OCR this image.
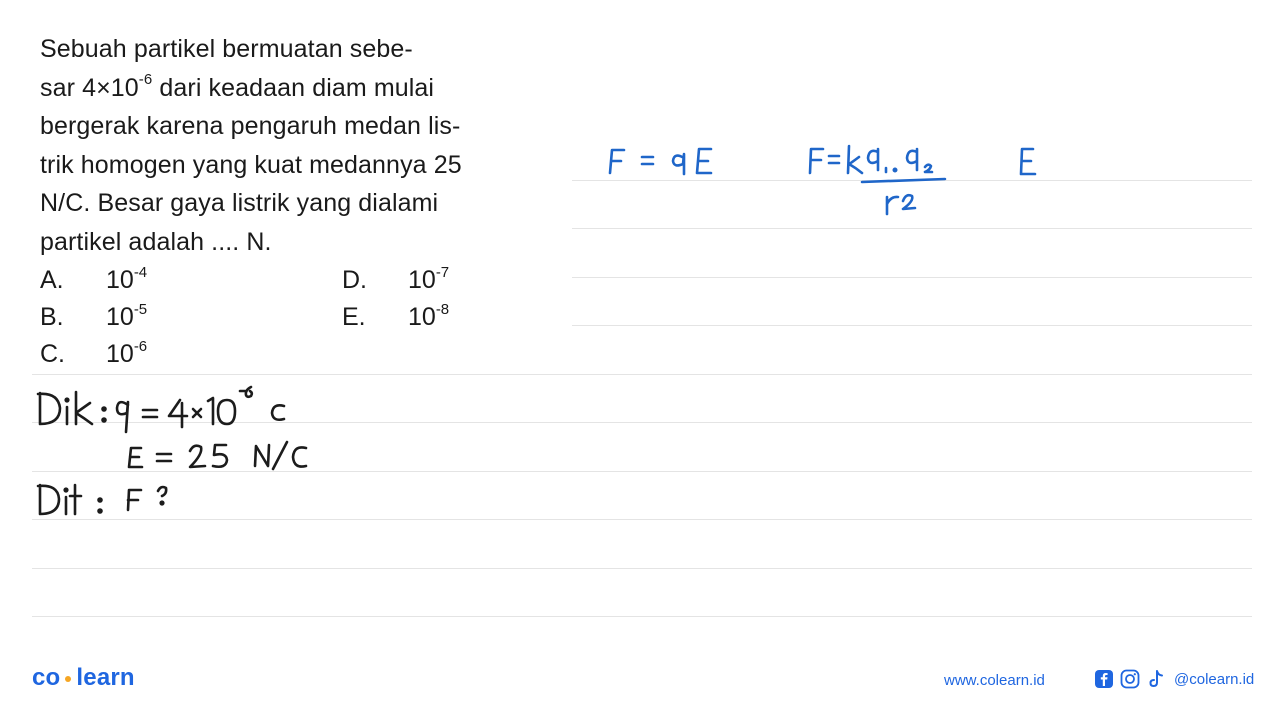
Sebuah partikel bermuatan sebe-

sar $4\times 10^{-6}$ dari keadaan diam mulai

bergerak karena pengaruh medan lis-

trik homogen yang kuat medannya 25

N/C. Besar gaya listrik yang dialami

partikel adalah .... N.

A. $10^{-4}$
B. $10^{-5}$
C. $10^{-6}$
D. $10^{-7}$
E. $10^{-8}$
co learn	www.colearn.id	@colearn.id
